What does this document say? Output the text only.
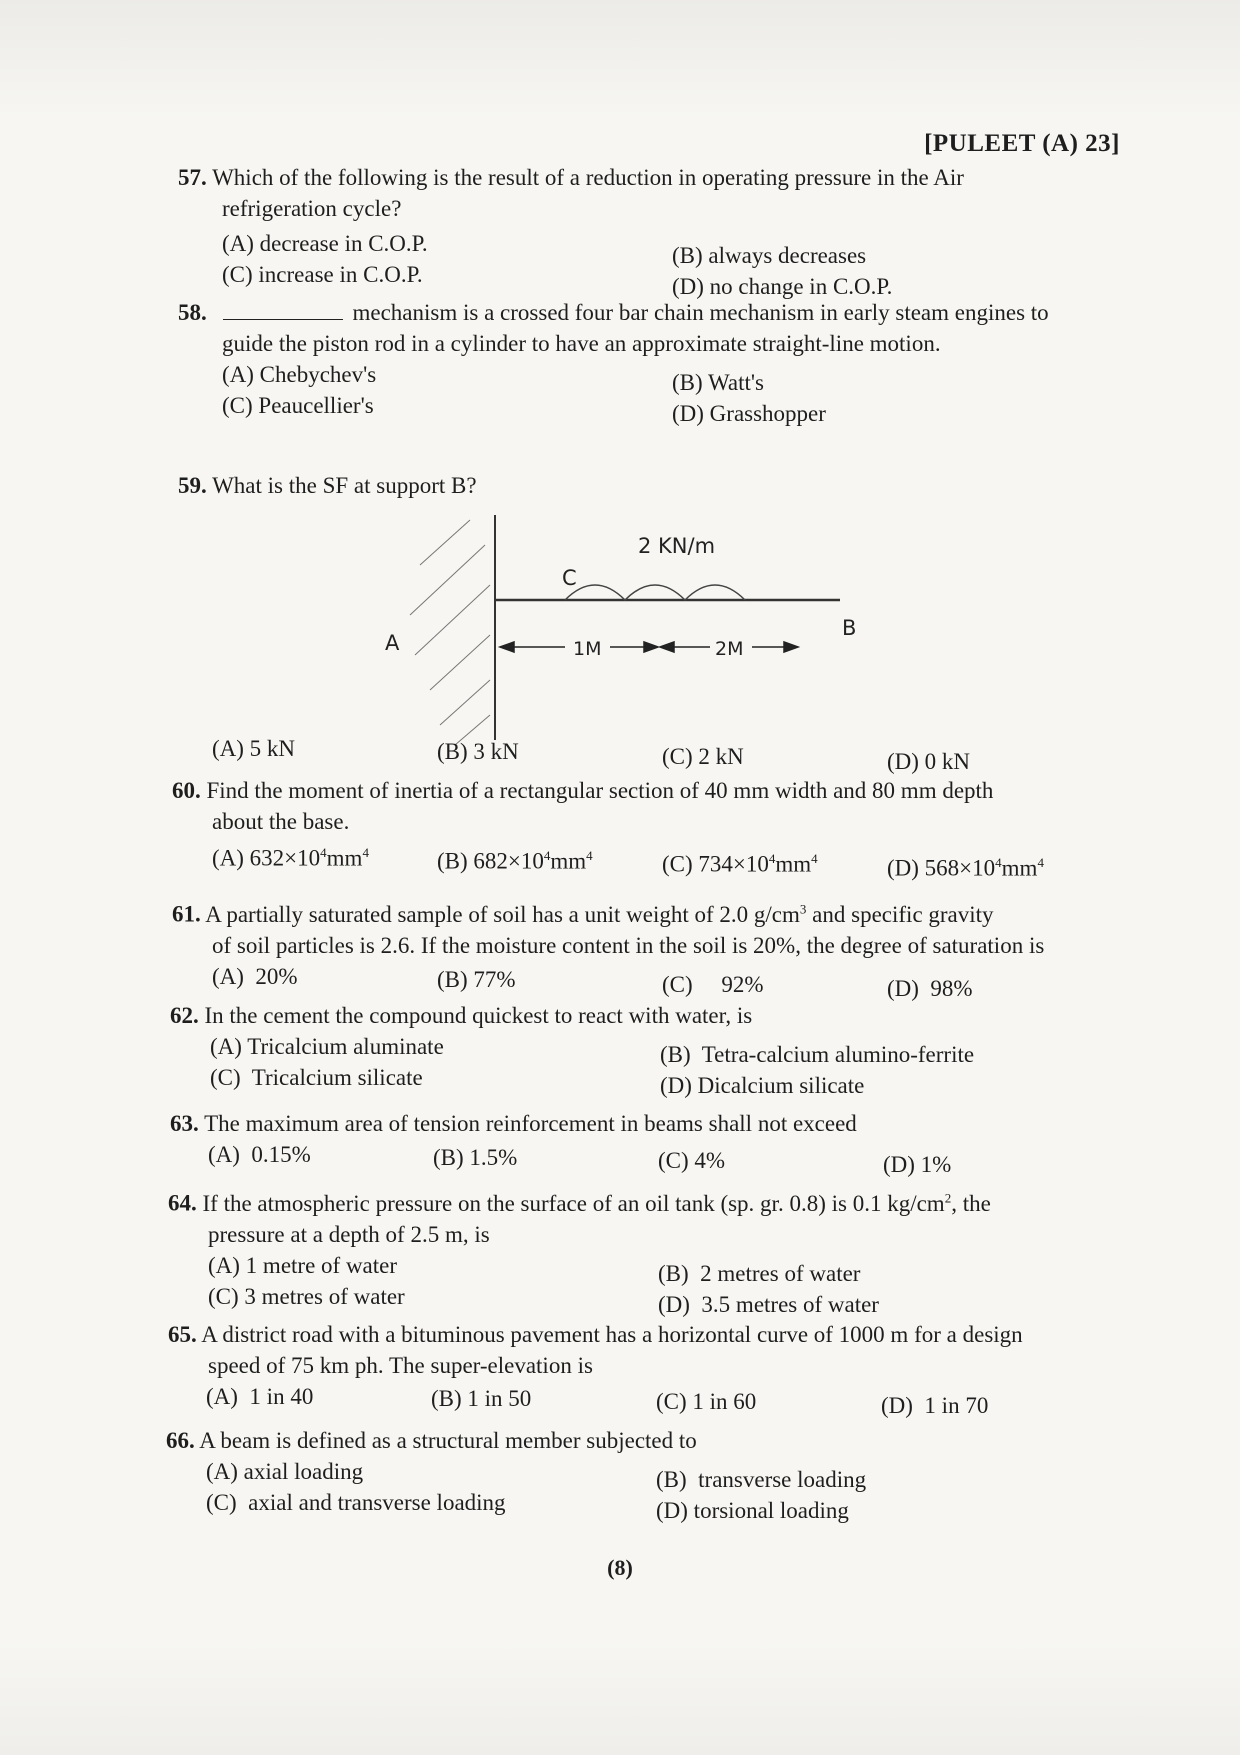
[PULEET (A) 23]
57. Which of the following is the result of a reduction in operating pressure in the Air
refrigeration cycle?
(A) decrease in C.O.P.	(B) always decreases
(C) increase in C.O.P.	(D) no change in C.O.P.
58.	mechanism is a crossed four bar chain mechanism in early steam engines to
guide the piston rod in a cylinder to have an approximate straight-line motion.
(A) Chebychev's	(B) Watt's
(C) Peaucellier's	(D) Grasshopper
59. What is the SF at support B?
2 KN/m
C
A
B
1M	2M
(A) 5 kN	(B) 3 kN	(C) 2 kN	(D) 0 kN
60. Find the moment of inertia of a rectangular section of 40 mm width and 80 mm depth
about the base.
(A) $632\times 10^4mm^4$	(B) $682\times 10^4mm^4$	(C) $734\times 10^4mm^4$	(D) $568\times 10^4mm^4$
61. A partially saturated sample of soil has a unit weight of 2.0 $g/cm^3$ and specific gravity
of soil particles is 2.6. If the moisture content in the soil is 20%, the degree of saturation is
(A)  20%	(B) 77%	(C)     92%	(D)  98%
62. In the cement the compound quickest to react with water, is
(A) Tricalcium aluminate	(B)  Tetra-calcium alumino-ferrite
(C)  Tricalcium silicate	(D) Dicalcium silicate
63. The maximum area of tension reinforcement in beams shall not exceed
(A)  0.15%	(B) 1.5%	(C) 4%	(D) 1%
64. If the atmospheric pressure on the surface of an oil tank (sp. gr. 0.8) is 0.1 $kg/cm^2$, the
pressure at a depth of 2.5 m, is
(A) 1 metre of water	(B)  2 metres of water
(C) 3 metres of water	(D)  3.5 metres of water
65. A district road with a bituminous pavement has a horizontal curve of 1000 m for a design
speed of 75 km ph. The super-elevation is
(A)  1 in 40	(B) 1 in 50	(C) 1 in 60	(D)  1 in 70
66. A beam is defined as a structural member subjected to
(A) axial loading	(B)  transverse loading
(C)  axial and transverse loading	(D) torsional loading
(8)
